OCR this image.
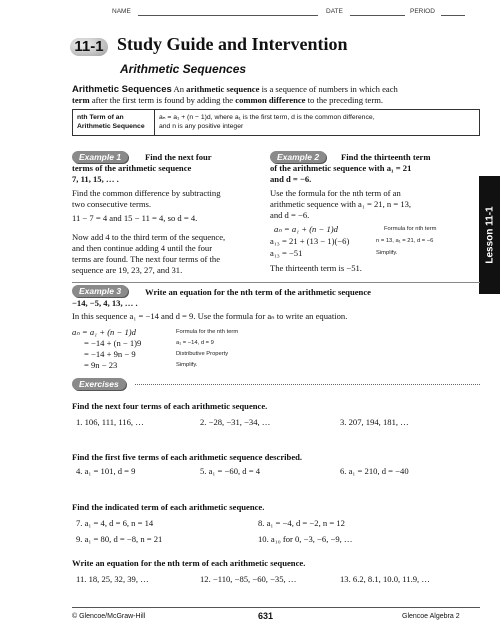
NAME	DATE	PERIOD
11-1 Study Guide and Intervention
Arithmetic Sequences
Arithmetic Sequences An arithmetic sequence is a sequence of numbers in which each
term after the first term is found by adding the common difference to the preceding term.
nth Term of an
Arithmetic Sequence
aₙ = a₁ + (n − 1)d, where a₁ is the first term, d is the common difference,
and n is any positive integer
Example 1	Find the next four
terms of the arithmetic sequence
7, 11, 15, … .
Find the common difference by subtracting
two consecutive terms.
11 − 7 = 4 and 15 − 11 = 4, so d = 4.
Now add 4 to the third term of the sequence,
and then continue adding 4 until the four
terms are found. The next four terms of the
sequence are 19, 23, 27, and 31.
Example 2	Find the thirteenth term
of the arithmetic sequence with a₁ = 21
and d = −6.
Use the formula for the nth term of an
arithmetic sequence with a₁ = 21, n = 13,
and d = −6.
aₙ = a₁ + (n − 1)d	Formula for nth term
a₁₃ = 21 + (13 − 1)(−6)	n = 13, a₁ = 21, d = −6
a₁₃ = −51	Simplify.
The thirteenth term is −51.
Lesson 11-1
Example 3	Write an equation for the nth term of the arithmetic sequence
−14, −5, 4, 13, … .
In this sequence a₁ = −14 and d = 9. Use the formula for aₙ to write an equation.
aₙ = a₁ + (n − 1)d	Formula for the nth term
= −14 + (n − 1)9	a₁ = −14, d = 9
= −14 + 9n − 9	Distributive Property
= 9n − 23	Simplify.
Exercises
Find the next four terms of each arithmetic sequence.
1. 106, 111, 116, …	2. −28, −31, −34, …	3. 207, 194, 181, …
Find the first five terms of each arithmetic sequence described.
4. a₁ = 101, d = 9	5. a₁ = −60, d = 4	6. a₁ = 210, d = −40
Find the indicated term of each arithmetic sequence.
7. a₁ = 4, d = 6, n = 14	8. a₁ = −4, d = −2, n = 12
9. a₁ = 80, d = −8, n = 21	10. a₁₀ for 0, −3, −6, −9, …
Write an equation for the nth term of each arithmetic sequence.
11. 18, 25, 32, 39, …	12. −110, −85, −60, −35, …	13. 6.2, 8.1, 10.0, 11.9, …
© Glencoe/McGraw-Hill	631	Glencoe Algebra 2
